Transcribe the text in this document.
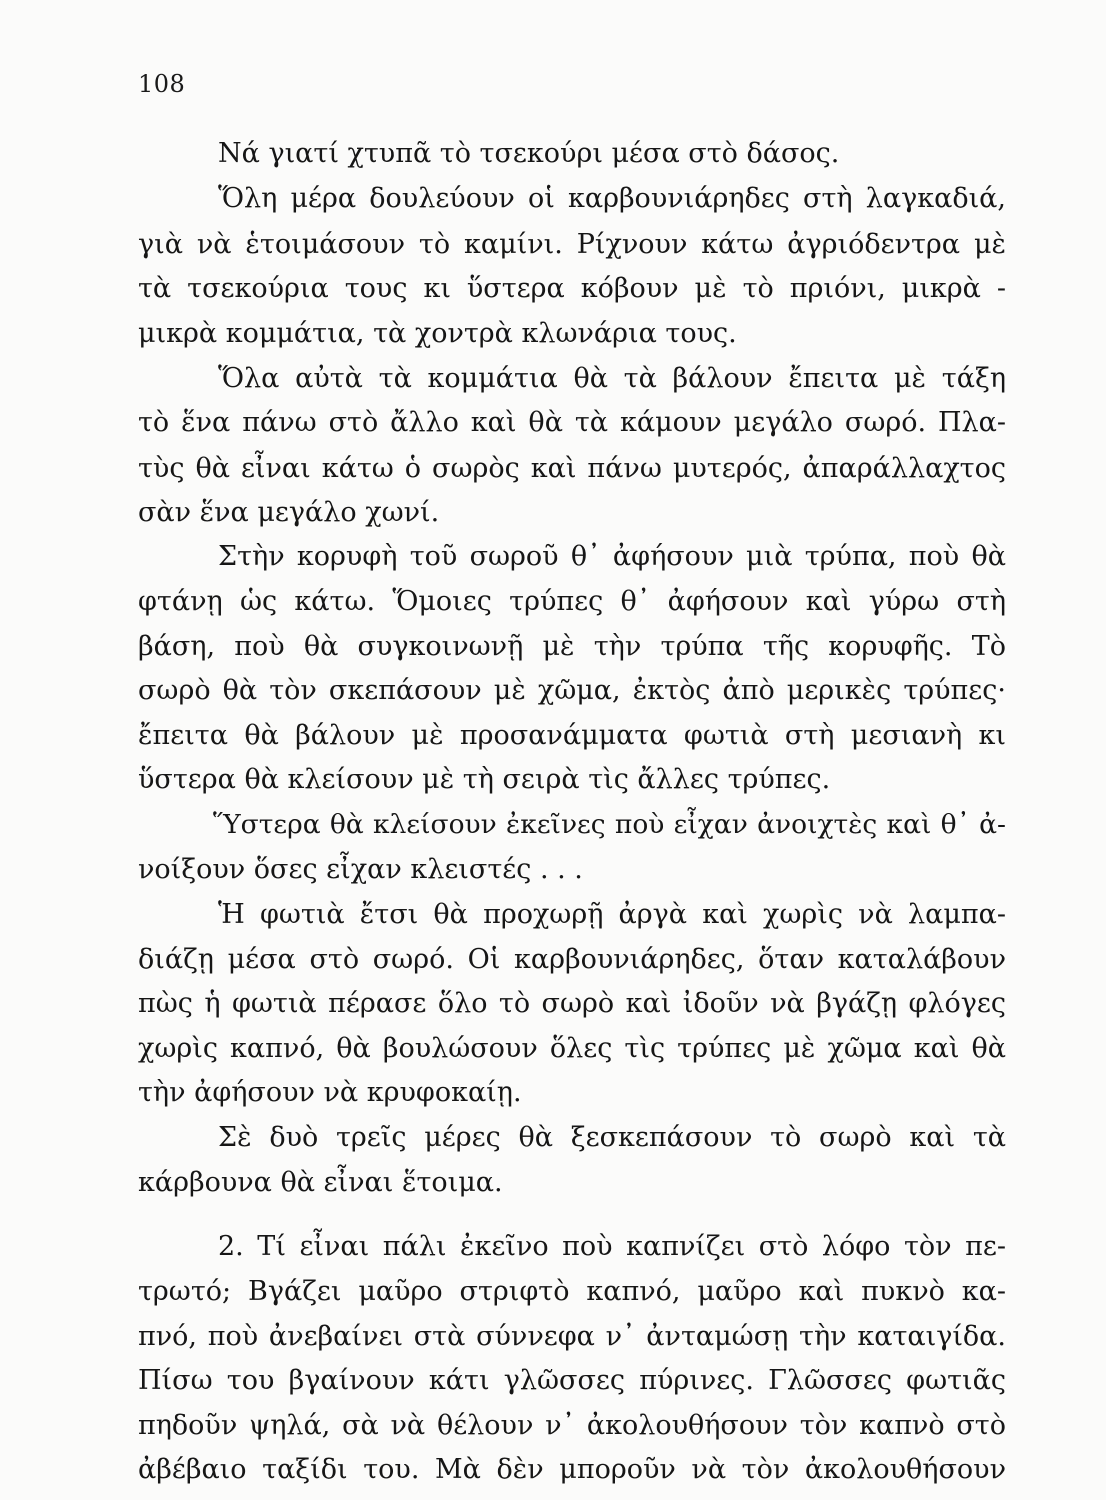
108
Νά γιατί χτυπᾶ τὸ τσεκούρι μέσα στὸ δάσος.
Ὅλη μέρα δουλεύουν οἱ καρβουνιάρηδες στὴ λαγκαδιά,
γιὰ νὰ ἑτοιμάσουν τὸ καμίνι. Ρίχνουν κάτω ἀγριόδεντρα μὲ
τὰ τσεκούρια τους κι ὕστερα κόβουν μὲ τὸ πριόνι, μικρὰ -
μικρὰ κομμάτια, τὰ χοντρὰ κλωνάρια τους.
Ὅλα αὐτὰ τὰ κομμάτια θὰ τὰ βάλουν ἔπειτα μὲ τάξη
τὸ ἕνα πάνω στὸ ἄλλο καὶ θὰ τὰ κάμουν μεγάλο σωρό. Πλα-
τὺς θὰ εἶναι κάτω ὁ σωρὸς καὶ πάνω μυτερός, ἀπαράλλαχτος
σὰν ἕνα μεγάλο χωνί.
Στὴν κορυφὴ τοῦ σωροῦ θ᾿ ἀφήσουν μιὰ τρύπα, ποὺ θὰ
φτάνῃ ὡς κάτω. Ὅμοιες τρύπες θ᾿ ἀφήσουν καὶ γύρω στὴ
βάση, ποὺ θὰ συγκοινωνῇ μὲ τὴν τρύπα τῆς κορυφῆς. Τὸ
σωρὸ θὰ τὸν σκεπάσουν μὲ χῶμα, ἐκτὸς ἀπὸ μερικὲς τρύπες·
ἔπειτα θὰ βάλουν μὲ προσανάμματα φωτιὰ στὴ μεσιανὴ κι
ὕστερα θὰ κλείσουν μὲ τὴ σειρὰ τὶς ἄλλες τρύπες.
Ὕστερα θὰ κλείσουν ἐκεῖνες ποὺ εἶχαν ἀνοιχτὲς καὶ θ᾿ ἀ-
νοίξουν ὅσες εἶχαν κλειστές . . .
Ἡ φωτιὰ ἔτσι θὰ προχωρῇ ἀργὰ καὶ χωρὶς νὰ λαμπα-
διάζῃ μέσα στὸ σωρό. Οἱ καρβουνιάρηδες, ὅταν καταλάβουν
πὼς ἡ φωτιὰ πέρασε ὅλο τὸ σωρὸ καὶ ἰδοῦν νὰ βγάζῃ φλόγες
χωρὶς καπνό, θὰ βουλώσουν ὅλες τὶς τρύπες μὲ χῶμα καὶ θὰ
τὴν ἀφήσουν νὰ κρυφοκαίῃ.
Σὲ δυὸ τρεῖς μέρες θὰ ξεσκεπάσουν τὸ σωρὸ καὶ τὰ
κάρβουνα θὰ εἶναι ἕτοιμα.
2. Τί εἶναι πάλι ἐκεῖνο ποὺ καπνίζει στὸ λόφο τὸν πε-
τρωτό; Βγάζει μαῦρο στριφτὸ καπνό, μαῦρο καὶ πυκνὸ κα-
πνό, ποὺ ἀνεβαίνει στὰ σύννεφα ν᾿ ἀνταμώσῃ τὴν καταιγίδα.
Πίσω του βγαίνουν κάτι γλῶσσες πύρινες. Γλῶσσες φωτιᾶς
πηδοῦν ψηλά, σὰ νὰ θέλουν ν᾿ ἀκολουθήσουν τὸν καπνὸ στὸ
ἀβέβαιο ταξίδι του. Μὰ δὲν μποροῦν νὰ τὸν ἀκολουθήσουν
